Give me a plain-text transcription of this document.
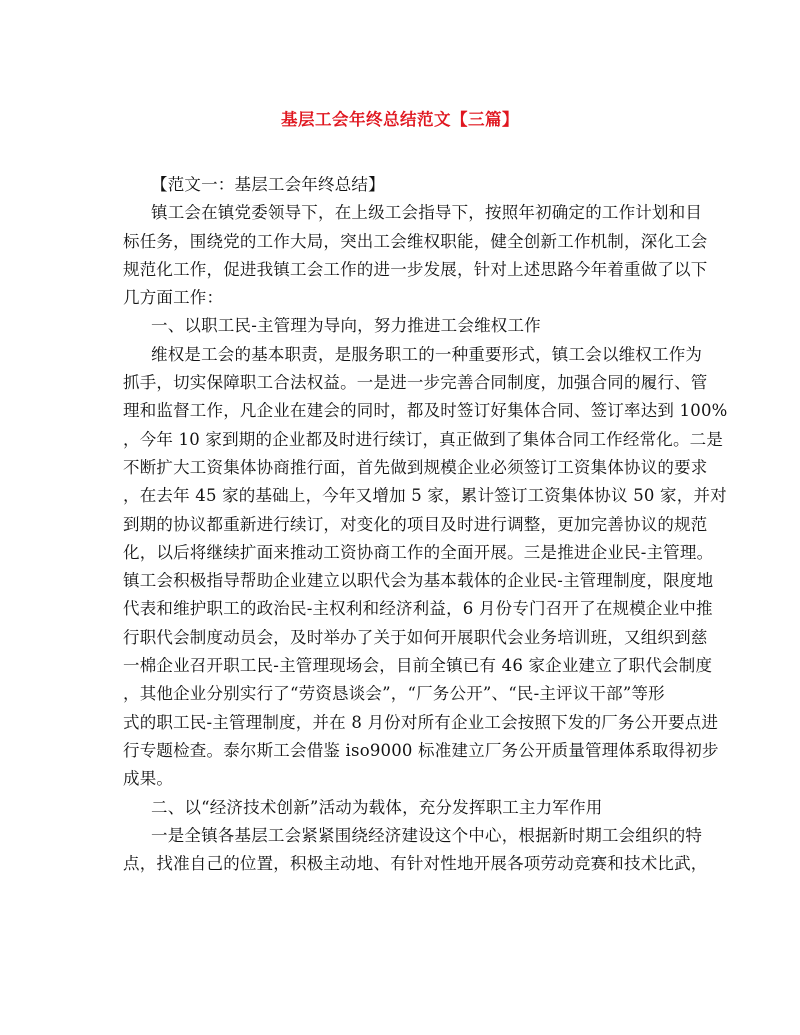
基层工会年终总结范文【三篇】
【范文一：基层工会年终总结】
镇工会在镇党委领导下，在上级工会指导下，按照年初确定的工作计划和目
标任务，围绕党的工作大局，突出工会维权职能，健全创新工作机制，深化工会
规范化工作，促进我镇工会工作的进一步发展，针对上述思路今年着重做了以下
几方面工作：
一、以职工民-主管理为导向，努力推进工会维权工作
维权是工会的基本职责，是服务职工的一种重要形式，镇工会以维权工作为
抓手，切实保障职工合法权益。一是进一步完善合同制度，加强合同的履行、管
理和监督工作，凡企业在建会的同时，都及时签订好集体合同、签订率达到 100%
，今年 10 家到期的企业都及时进行续订，真正做到了集体合同工作经常化。二是
不断扩大工资集体协商推行面，首先做到规模企业必须签订工资集体协议的要求
，在去年 45 家的基础上，今年又增加 5 家，累计签订工资集体协议 50 家，并对
到期的协议都重新进行续订，对变化的项目及时进行调整，更加完善协议的规范
化，以后将继续扩面来推动工资协商工作的全面开展。三是推进企业民-主管理。
镇工会积极指导帮助企业建立以职代会为基本载体的企业民-主管理制度，限度地
代表和维护职工的政治民-主权利和经济利益，6 月份专门召开了在规模企业中推
行职代会制度动员会，及时举办了关于如何开展职代会业务培训班，又组织到慈
一棉企业召开职工民-主管理现场会，目前全镇已有 46 家企业建立了职代会制度
，其他企业分别实行了“劳资恳谈会”，“厂务公开”、“民-主评议干部”等形
式的职工民-主管理制度，并在 8 月份对所有企业工会按照下发的厂务公开要点进
行专题检查。泰尔斯工会借鉴 iso9000 标准建立厂务公开质量管理体系取得初步
成果。
二、以“经济技术创新”活动为载体，充分发挥职工主力军作用
一是全镇各基层工会紧紧围绕经济建设这个中心，根据新时期工会组织的特
点，找准自己的位置，积极主动地、有针对性地开展各项劳动竞赛和技术比武，
